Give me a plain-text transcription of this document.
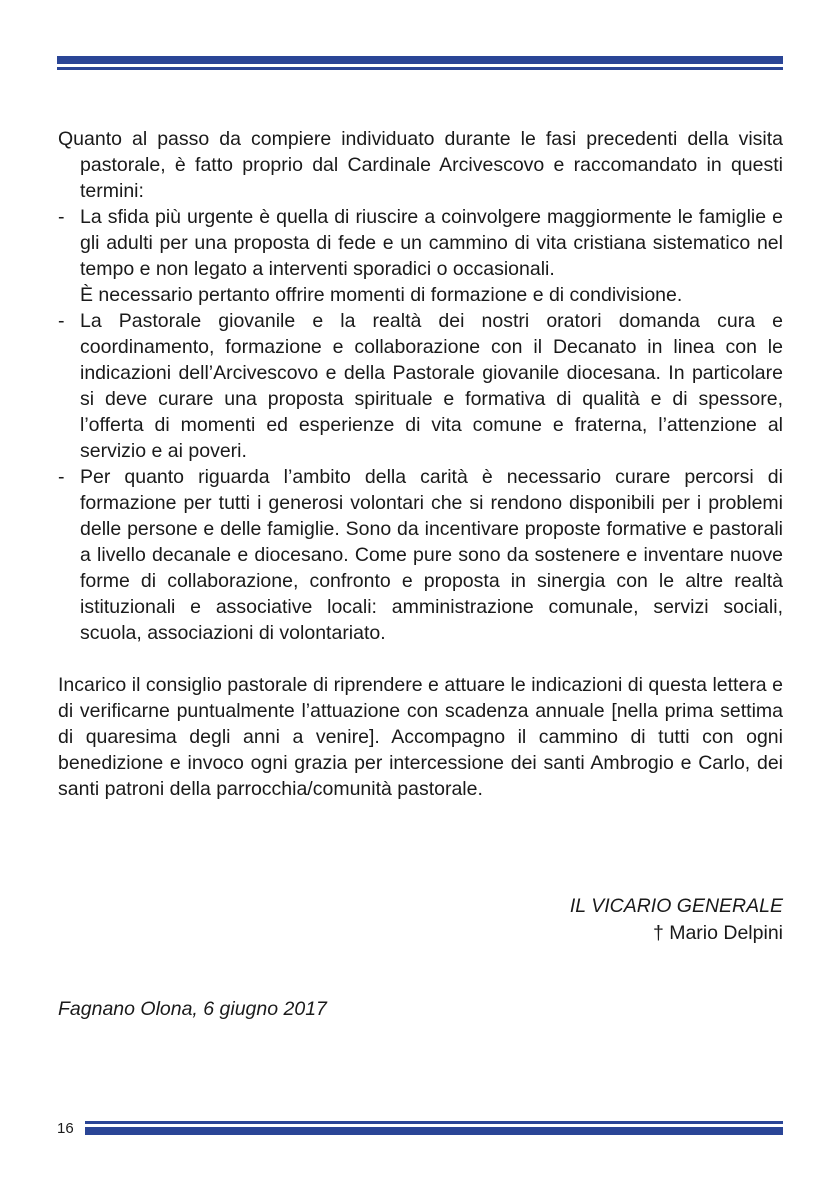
Quanto al passo da compiere individuato durante le fasi precedenti della visita pastorale, è fatto proprio dal Cardinale Arcivescovo e raccomandato in questi termini:

- La sfida più urgente è quella di riuscire a coinvolgere maggiormente le famiglie e gli adulti per una proposta di fede e un cammino di vita cristiana sistematico nel tempo e non legato a interventi sporadici o occasionali.
È necessario pertanto offrire momenti di formazione e di condivisione.
- La Pastorale giovanile e la realtà dei nostri oratori domanda cura e coordinamento, formazione e collaborazione con il Decanato in linea con le indicazioni dell’Arcivescovo e della Pastorale giovanile diocesana. In particolare si deve curare una proposta spirituale e formativa di qualità e di spessore, l’offerta di momenti ed esperienze di vita comune e fraterna, l’attenzione al servizio e ai poveri.
- Per quanto riguarda l’ambito della carità è necessario curare percorsi di formazione per tutti i generosi volontari che si rendono disponibili per i problemi delle persone e delle famiglie. Sono da incentivare proposte formative e pastorali a livello decanale e diocesano. Come pure sono da sostenere e inventare nuove forme di collaborazione, confronto e proposta in sinergia con le altre realtà istituzionali e associative locali: amministrazione comunale, servizi sociali, scuola, associazioni di volontariato.

Incarico il consiglio pastorale di riprendere e attuare le indicazioni di questa lettera e di verificarne puntualmente l’attuazione con scadenza annuale [nella prima settima di quaresima degli anni a venire]. Accompagno il cammino di tutti con ogni benedizione e invoco ogni grazia per intercessione dei santi Ambrogio e Carlo, dei santi patroni della parrocchia/comunità pastorale.

IL VICARIO GENERALE
† Mario Delpini
Fagnano Olona, 6 giugno 2017
16
